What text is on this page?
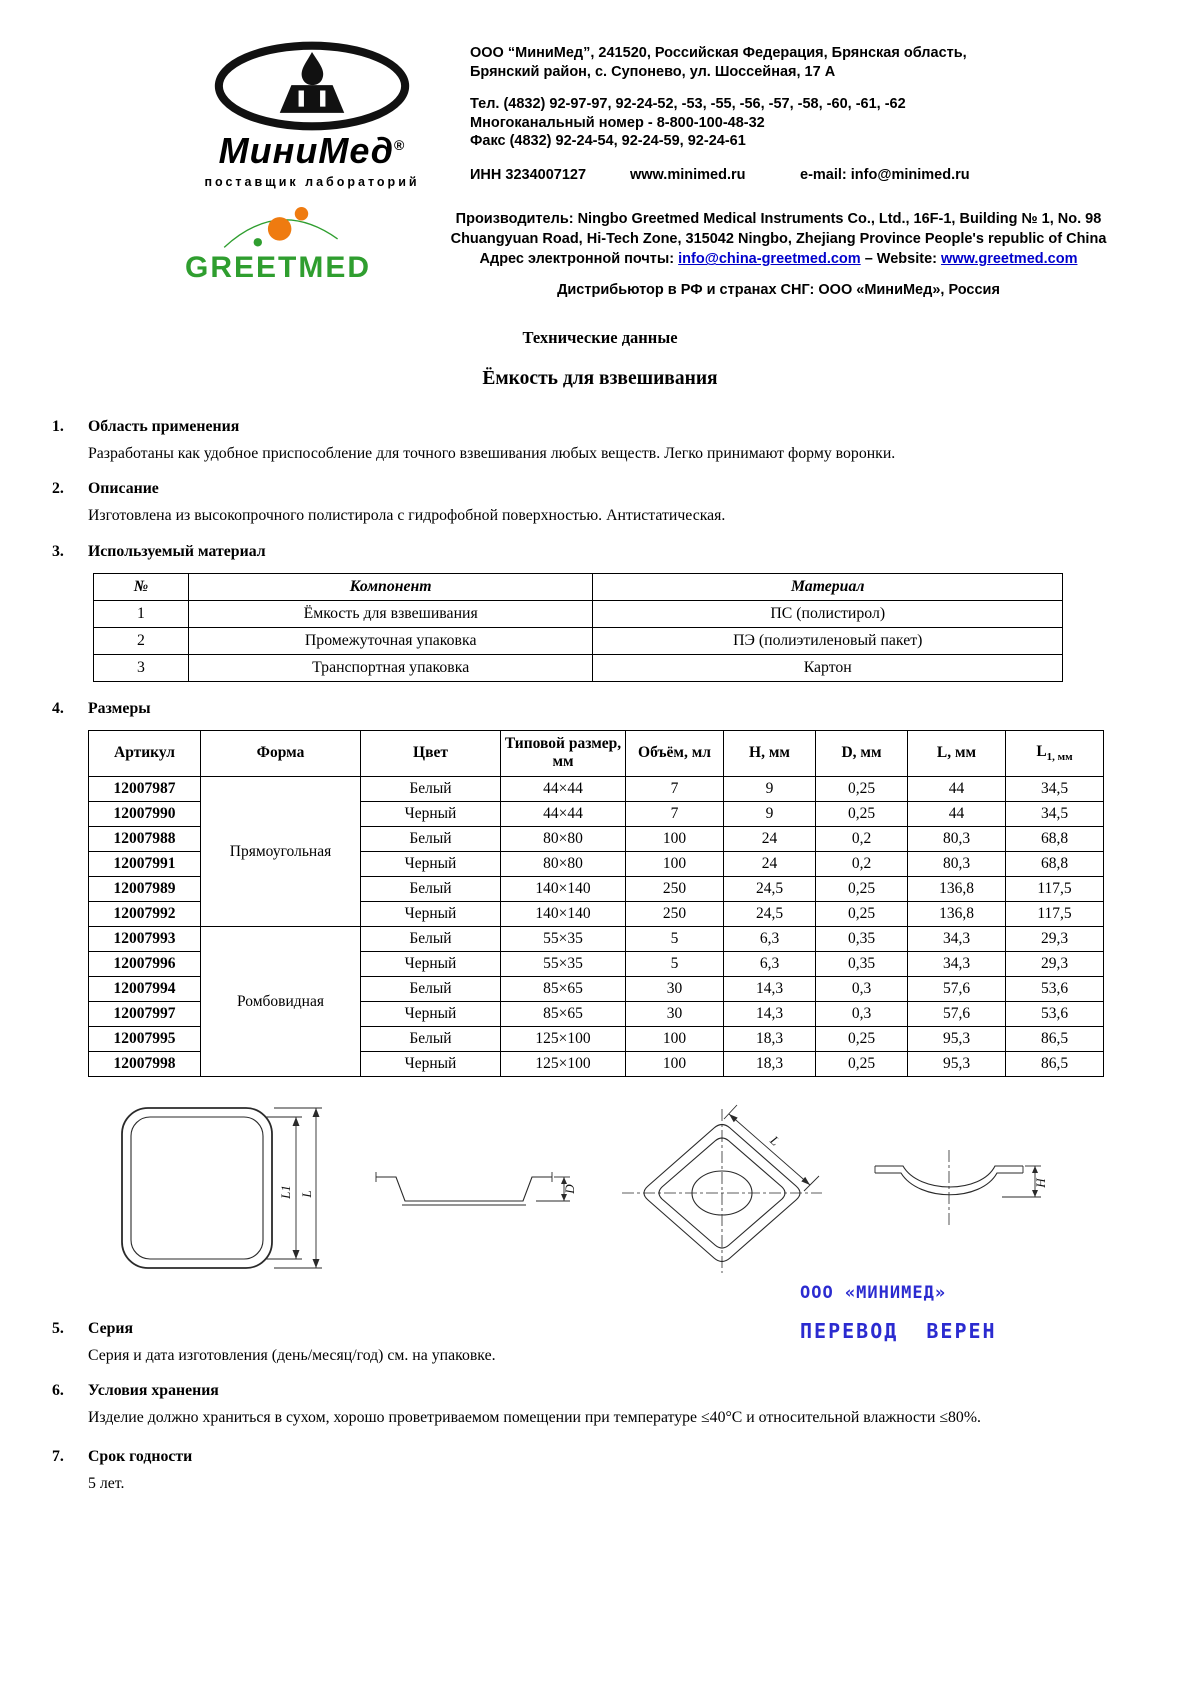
МиниМед®
поставщик лабораторий
ООО “МиниМед”, 241520, Российская Федерация, Брянская область,
Брянский район, с. Супонево, ул. Шоссейная, 17 А
Тел. (4832) 92-97-97, 92-24-52, -53, -55, -56, -57, -58, -60, -61, -62
Многоканальный номер - 8-800-100-48-32
Факс (4832) 92-24-54, 92-24-59, 92-24-61
ИНН 3234007127	www.minimed.ru	e-mail: info@minimed.ru
GREETMED
Производитель: Ningbo Greetmed Medical Instruments Co., Ltd., 16F-1, Building № 1, No. 98
Chuangyuan Road, Hi-Tech Zone, 315042 Ningbo, Zhejiang Province People's republic of China
Адрес электронной почты: info@china-greetmed.com – Website: www.greetmed.com
Дистрибьютор в РФ и странах СНГ: ООО «МиниМед», Россия
Технические данные
Ёмкость для взвешивания
1.	Область применения
Разработаны как удобное приспособление для точного взвешивания любых веществ. Легко принимают форму воронки.
2.	Описание
Изготовлена из высокопрочного полистирола с гидрофобной поверхностью. Антистатическая.
3.	Используемый материал
№	Компонент	Материал
1	Ёмкость для взвешивания	ПС (полистирол)
2	Промежуточная упаковка	ПЭ (полиэтиленовый пакет)
3	Транспортная упаковка	Картон
4.	Размеры
Артикул	Форма	Цвет	Типовой размер, мм	Объём, мл	H, мм	D, мм	L, мм	$L_{1, мм}$
12007987	Прямоугольная	Белый	44×44	7	9	0,25	44	34,5
12007990		Черный	44×44	7	9	0,25	44	34,5
12007988		Белый	80×80	100	24	0,2	80,3	68,8
12007991		Черный	80×80	100	24	0,2	80,3	68,8
12007989		Белый	140×140	250	24,5	0,25	136,8	117,5
12007992		Черный	140×140	250	24,5	0,25	136,8	117,5
12007993	Ромбовидная	Белый	55×35	5	6,3	0,35	34,3	29,3
12007996		Черный	55×35	5	6,3	0,35	34,3	29,3
12007994		Белый	85×65	30	14,3	0,3	57,6	53,6
12007997		Черный	85×65	30	14,3	0,3	57,6	53,6
12007995		Белый	125×100	100	18,3	0,25	95,3	86,5
12007998		Черный	125×100	100	18,3	0,25	95,3	86,5
L1 L
D
L
H
5.	Серия
Серия и дата изготовления (день/месяц/год) см. на упаковке.
6.	Условия хранения
Изделие должно храниться в сухом, хорошо проветриваемом помещении при температуре ≤40°С и относительной влажности ≤80%.
7.	Срок годности
5 лет.
ООО «МИНИМЕД»
ПЕРЕВОД  ВЕРЕН
